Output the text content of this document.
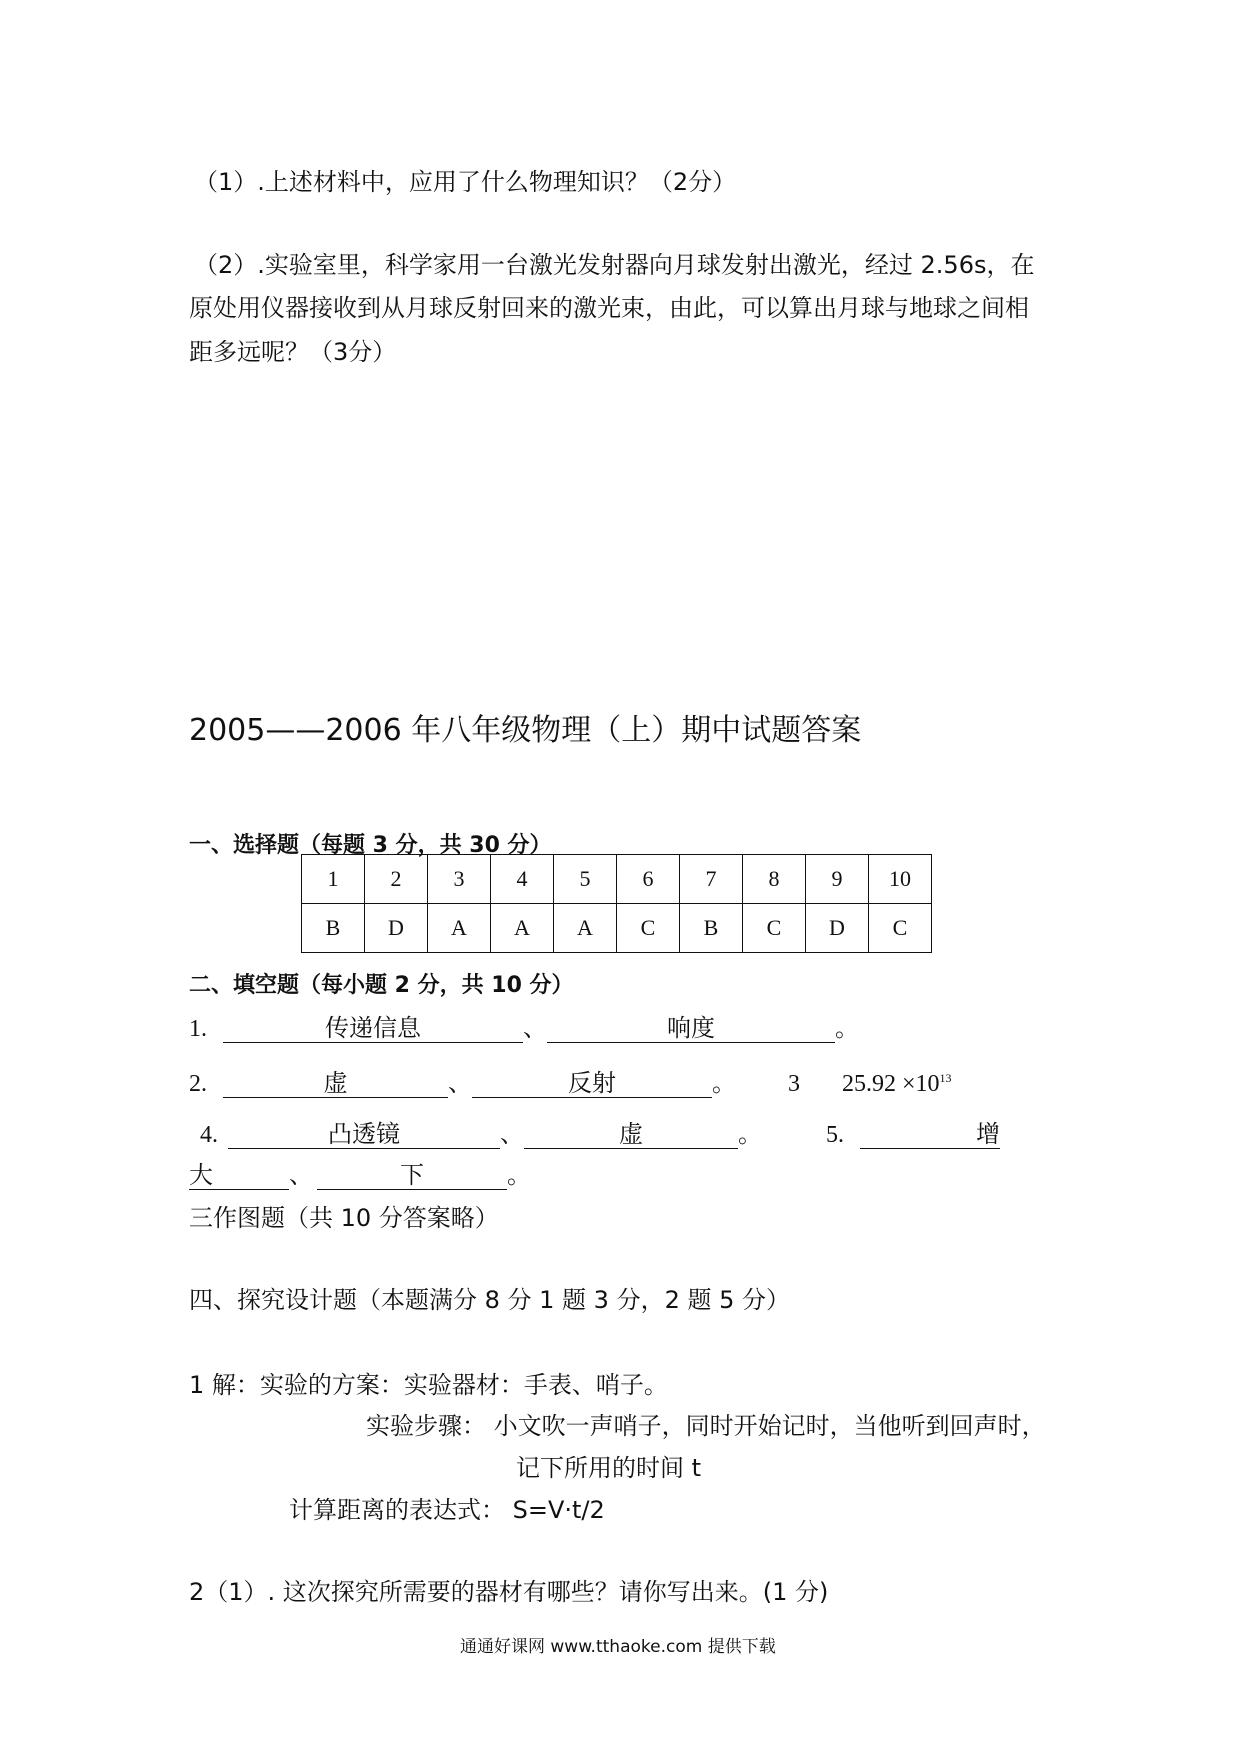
（1）.上述材料中，应用了什么物理知识？（2分）
（2）.实验室里，科学家用一台激光发射器向月球发射出激光，经过 2.56s，在
原处用仪器接收到从月球反射回来的激光束，由此，可以算出月球与地球之间相
距多远呢？（3分）
2005——2006 年八年级物理（上）期中试题答案
一、选择题（每题 3 分，共 30 分）
1	2	3	4	5	6	7	8	9	10
B	D	A	A	A	C	B	C	D	C
二、填空题（每小题 2 分，共 10 分）
1.	传递信息	、	响度	。
2.	虚	、	反射	。 3 $25.92 \times 10^{13}$
4.	凸透镜	、	虚	。	5.	增
大	、	下	。
三作图题（共 10 分答案略）
四、探究设计题（本题满分 8 分 1 题 3 分，2 题 5 分）
1 解：实验的方案：实验器材：手表、哨子。
实验步骤： 小文吹一声哨子，同时开始记时，当他听到回声时，
记下所用的时间 t
计算距离的表达式： S=V·t/2
2（1）. 这次探究所需要的器材有哪些？请你写出来。(1 分)
通通好课网 www.tthaoke.com 提供下载
